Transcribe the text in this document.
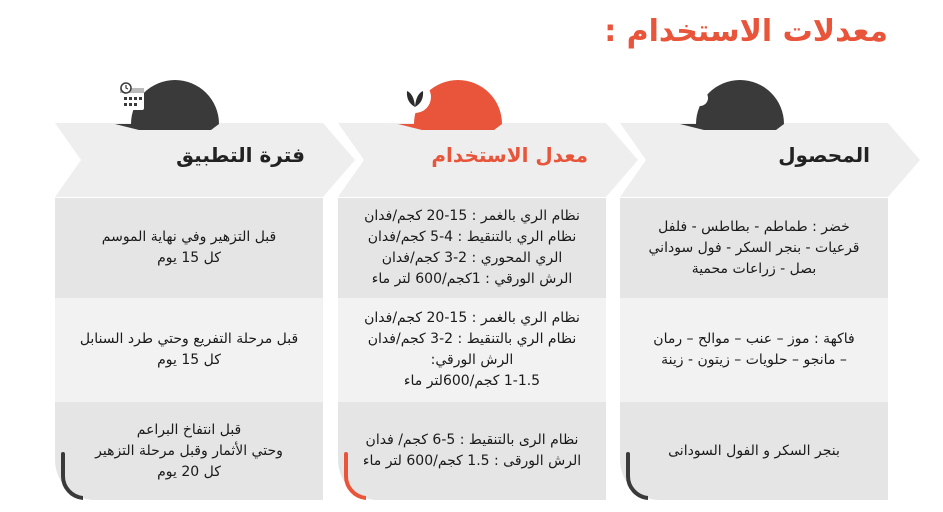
معدلات الاستخدام :
المحصول
خضر : طماطم - بطاطس - فلفل
قرعيات - بنجر السكر - فول سوداني
بصل - زراعات محمية
فاكهة : موز – عنب – موالح – رمان
– مانجو – حلويات – زيتون - زينة
بنجر السكر و الفول السودانى
معدل الاستخدام
نظام الري بالغمر : 15-20 كجم/فدان
نظام الري بالتنقيط : 4-5 كجم/فدان
الري المحوري : 2-3 كجم/فدان
الرش الورقي : 1كجم/600 لتر ماء
نظام الري بالغمر : 15-20 كجم/فدان
نظام الري بالتنقيط : 2-3 كجم/فدان
الرش الورقي:
1-1.5 كجم/600لتر ماء
نظام الرى بالتنقيط : 5-6 كجم/ فدان
الرش الورقى : 1.5 كجم/600 لتر ماء
فترة التطبيق
قبل التزهير وفي نهاية الموسم
كل 15 يوم
قبل مرحلة التفريع وحتي طرد السنابل
كل 15 يوم
قبل انتفاخ البراعم
وحتي الأثمار وقبل مرحلة التزهير
كل 20 يوم
